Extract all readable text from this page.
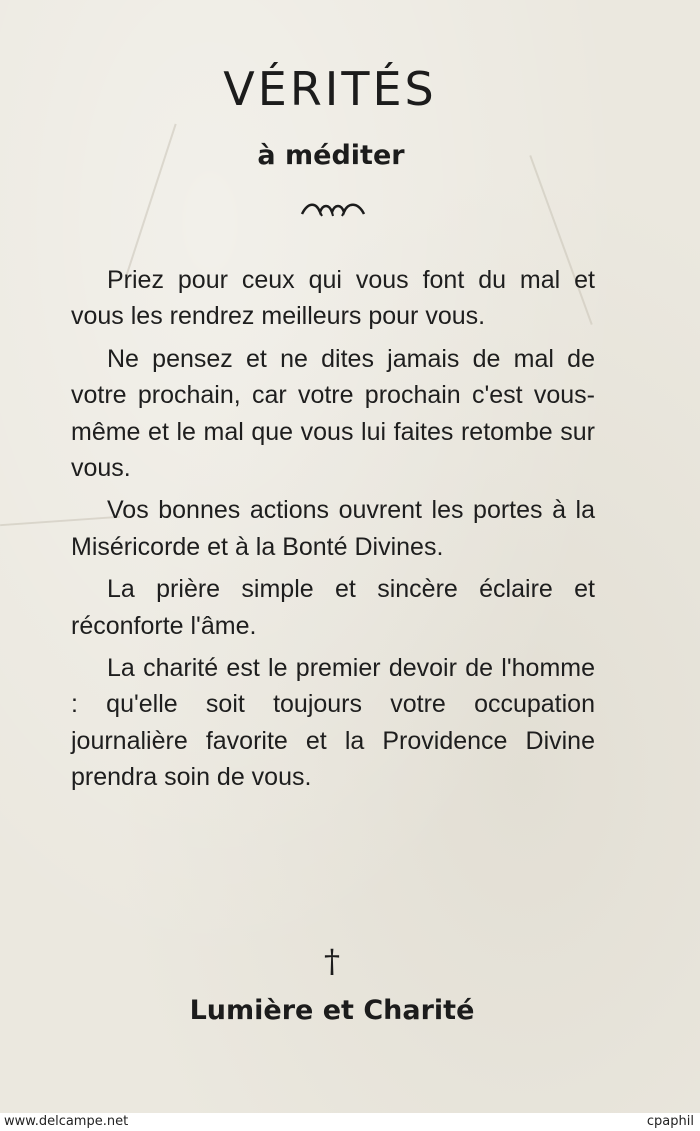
VÉRITÉS
à méditer

Priez pour ceux qui vous font du mal et vous les rendrez meilleurs pour vous.

Ne pensez et ne dites jamais de mal de votre prochain, car votre prochain c'est vous-même et le mal que vous lui faites retombe sur vous.

Vos bonnes actions ouvrent les portes à la Miséricorde et à la Bonté Divines.

La prière simple et sincère éclaire et réconforte l'âme.

La charité est le premier devoir de l'homme : qu'elle soit toujours votre occupation journalière favorite et la Providence Divine prendra soin de vous.

†
Lumière et Charité
www.delcampe.net	cpaphil
